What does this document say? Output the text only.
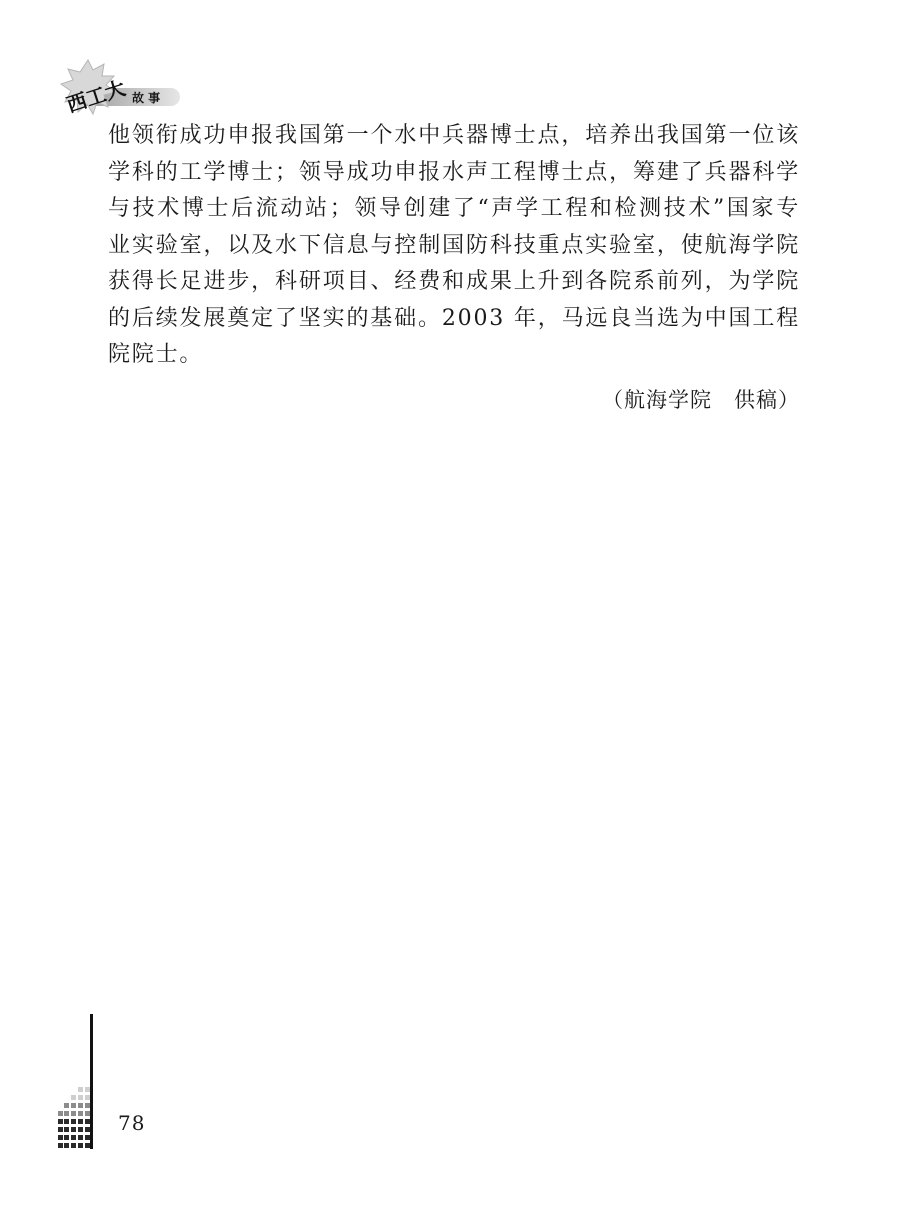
西工大 故 事

他领衔成功申报我国第一个水中兵器博士点，培养出我国第一位该学科的工学博士；领导成功申报水声工程博士点，筹建了兵器科学与技术博士后流动站；领导创建了“声学工程和检测技术”国家专业实验室，以及水下信息与控制国防科技重点实验室，使航海学院获得长足进步，科研项目、经费和成果上升到各院系前列，为学院的后续发展奠定了坚实的基础。2003 年，马远良当选为中国工程院院士。

（航海学院　供稿）
78
